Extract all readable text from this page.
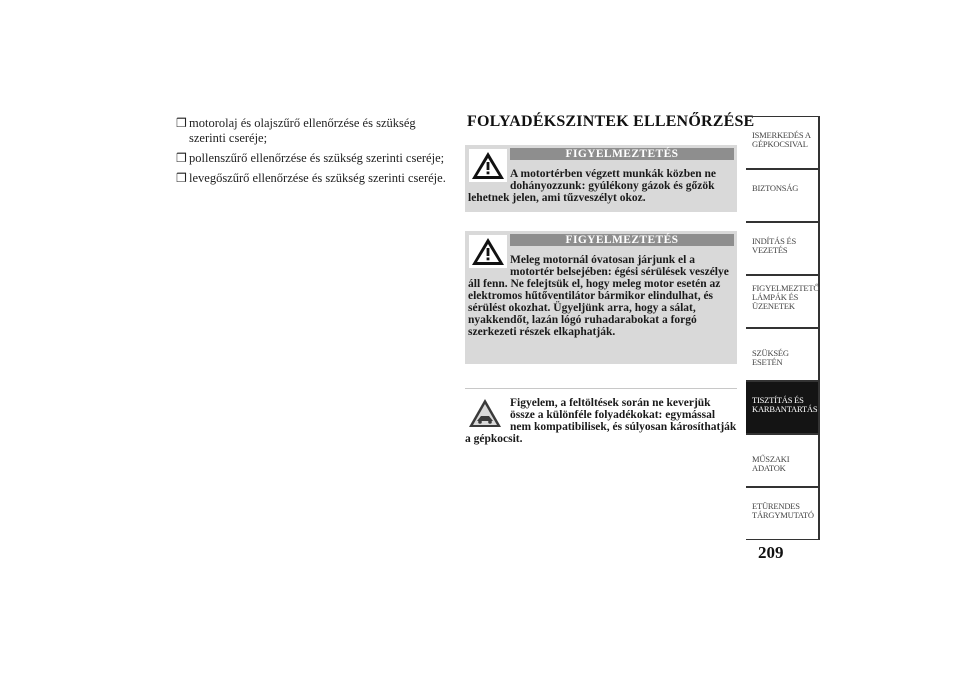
❒ motorolaj és olajszűrő ellenőrzése és szükség szerinti cseréje;
❒ pollenszűrő ellenőrzése és szükség szerinti cseréje;
❒ levegőszűrő ellenőrzése és szükség szerinti cseréje.
FOLYADÉKSZINTEK ELLENŐRZÉSE
FIGYELMEZTETÉS
A motortérben végzett munkák közben ne dohányozzunk: gyúlékony gázok és gőzök lehetnek jelen, ami tűzveszélyt okoz.
FIGYELMEZTETÉS
Meleg motornál óvatosan járjunk el a motortér belsejében: égési sérülések veszélye áll fenn. Ne felejtsük el, hogy meleg motor esetén az elektromos hűtőventilátor bármikor elindulhat, és sérülést okozhat. Ügyeljünk arra, hogy a sálat, nyakkendőt, lazán lógó ruhadarabokat a forgó szerkezeti részek elkaphatják.
Figyelem, a feltöltések során ne keverjük össze a különféle folyadékokat: egymással nem kompatibilisek, és súlyosan károsíthatják a gépkocsit.
ISMERKEDÉS A GÉPKOCSIVAL
BIZTONSÁG
INDÍTÁS ÉS VEZETÉS
FIGYELMEZTETŐ LÁMPÁK ÉS ÜZENETEK
SZÜKSÉG ESETÉN
TISZTÍTÁS ÉS KARBANTARTÁS
MŰSZAKI ADATOK
ETÜRENDES TÁRGYMUTATÓ
209
